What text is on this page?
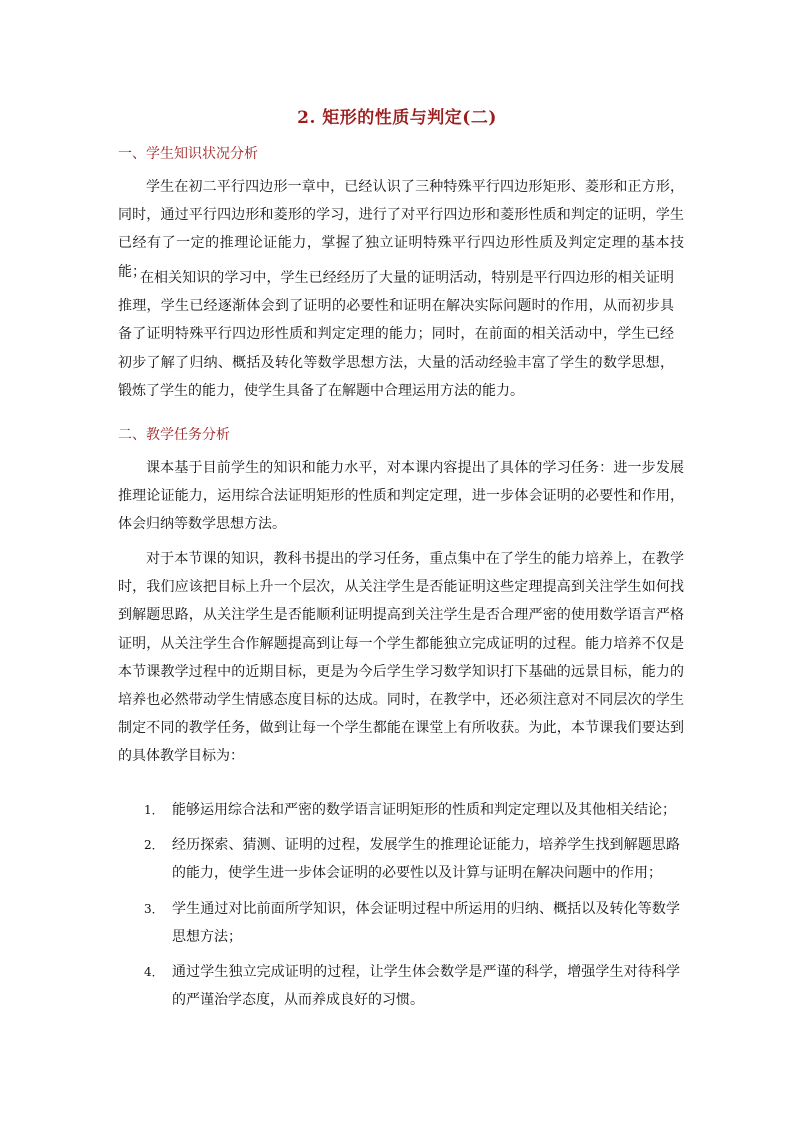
2. 矩形的性质与判定(二)
一、学生知识状况分析

学生在初二平行四边形一章中，已经认识了三种特殊平行四边形矩形、菱形和正方形，同时，通过平行四边形和菱形的学习，进行了对平行四边形和菱形性质和判定的证明，学生已经有了一定的推理论证能力，掌握了独立证明特殊平行四边形性质及判定定理的基本技能；

在相关知识的学习中，学生已经经历了大量的证明活动，特别是平行四边形的相关证明推理，学生已经逐渐体会到了证明的必要性和证明在解决实际问题时的作用，从而初步具备了证明特殊平行四边形性质和判定定理的能力；同时，在前面的相关活动中，学生已经初步了解了归纳、概括及转化等数学思想方法，大量的活动经验丰富了学生的数学思想，锻炼了学生的能力，使学生具备了在解题中合理运用方法的能力。

二、教学任务分析

课本基于目前学生的知识和能力水平，对本课内容提出了具体的学习任务：进一步发展推理论证能力，运用综合法证明矩形的性质和判定定理，进一步体会证明的必要性和作用，体会归纳等数学思想方法。

对于本节课的知识，教科书提出的学习任务，重点集中在了学生的能力培养上，在教学时，我们应该把目标上升一个层次，从关注学生是否能证明这些定理提高到关注学生如何找到解题思路，从关注学生是否能顺利证明提高到关注学生是否合理严密的使用数学语言严格证明，从关注学生合作解题提高到让每一个学生都能独立完成证明的过程。能力培养不仅是本节课教学过程中的近期目标，更是为今后学生学习数学知识打下基础的远景目标，能力的培养也必然带动学生情感态度目标的达成。同时，在教学中，还必须注意对不同层次的学生制定不同的教学任务，做到让每一个学生都能在课堂上有所收获。为此，本节课我们要达到的具体教学目标为：

1． 能够运用综合法和严密的数学语言证明矩形的性质和判定定理以及其他相关结论；
2． 经历探索、猜测、证明的过程，发展学生的推理论证能力，培养学生找到解题思路的能力，使学生进一步体会证明的必要性以及计算与证明在解决问题中的作用；
3． 学生通过对比前面所学知识，体会证明过程中所运用的归纳、概括以及转化等数学思想方法；
4． 通过学生独立完成证明的过程，让学生体会数学是严谨的科学，增强学生对待科学的严谨治学态度，从而养成良好的习惯。
